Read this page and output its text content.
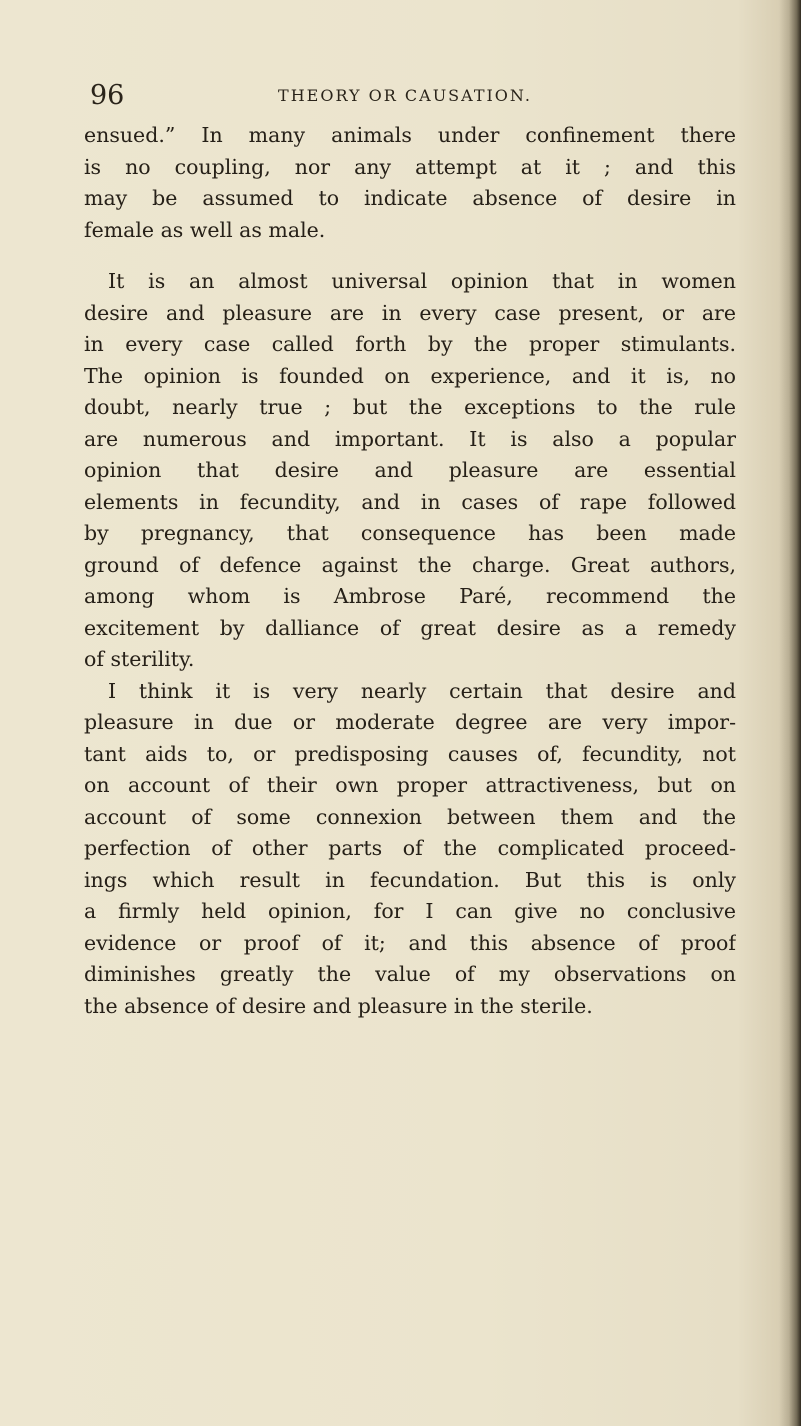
96	THEORY OR CAUSATION.
ensued.” In many animals under confinement there
is no coupling, nor any attempt at it ; and this
may be assumed to indicate absence of desire in
female as well as male.
It is an almost universal opinion that in women
desire and pleasure are in every case present, or are
in every case called forth by the proper stimulants.
The opinion is founded on experience, and it is, no
doubt, nearly true ; but the exceptions to the rule
are numerous and important. It is also a popular
opinion that desire and pleasure are essential
elements in fecundity, and in cases of rape followed
by pregnancy, that consequence has been made
ground of defence against the charge. Great authors,
among whom is Ambrose Paré, recommend the
excitement by dalliance of great desire as a remedy
of sterility.
I think it is very nearly certain that desire and
pleasure in due or moderate degree are very impor-
tant aids to, or predisposing causes of, fecundity, not
on account of their own proper attractiveness, but on
account of some connexion between them and the
perfection of other parts of the complicated proceed-
ings which result in fecundation. But this is only
a firmly held opinion, for I can give no conclusive
evidence or proof of it; and this absence of proof
diminishes greatly the value of my observations on
the absence of desire and pleasure in the sterile.
